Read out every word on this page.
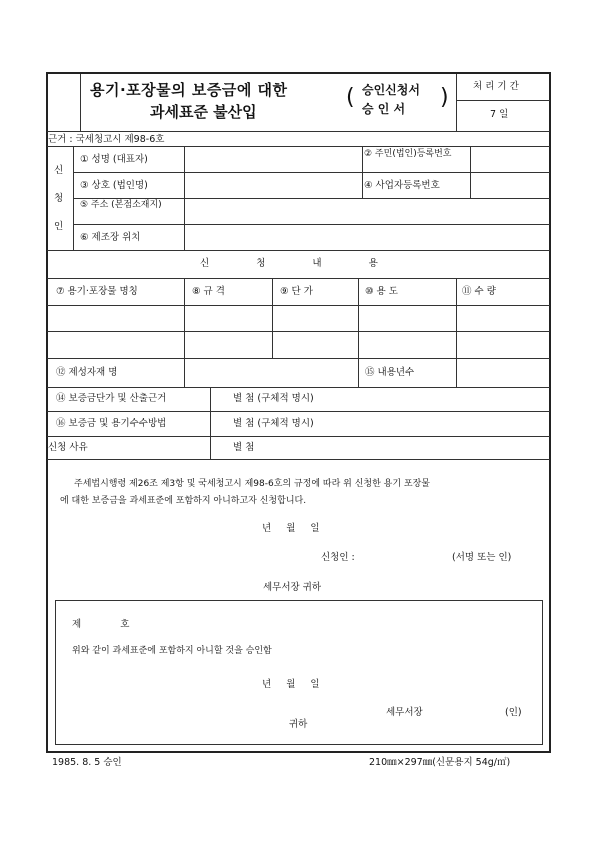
용기·포장물의 보증금에 대한
과세표준 불산입
( 승인신청서
승 인 서 )	처 리 기 간
7 일
근거 : 국세청고시 제98-6호
신
청
인
① 성명 (대표자)	② 주민(법인)등록번호
③ 상호 (법인명)	④ 사업자등록번호
⑤ 주소 (본점소재지)
⑥ 제조장 위치
신 청 내 용
⑦ 용기·포장물 명칭	⑧ 규 격	⑨ 단 가	⑩ 용 도	⑪ 수 량
⑫ 제성자재 명	⑮ 내용년수
⑭ 보증금단가 및 산출근거	별 첨 (구체적 명시)
⑯ 보증금 및 용기수수방법	별 첨 (구체적 명시)
신청 사유	별 첨
주세법시행령 제26조 제3항 및 국세청고시 제98-6호의 규정에 따라 위 신청한 용기 포장물
에 대한 보증금을 과세표준에 포함하지 아니하고자 신청합니다.
년 월 일
신청인 :	(서명 또는 인)
세무서장 귀하
제 호
위와 같이 과세표준에 포함하지 아니할 것을 승인함
년 월 일
세무서장	(인)
귀하
1985. 8. 5 승인	210㎜×297㎜(신문용지 54g/㎡)
